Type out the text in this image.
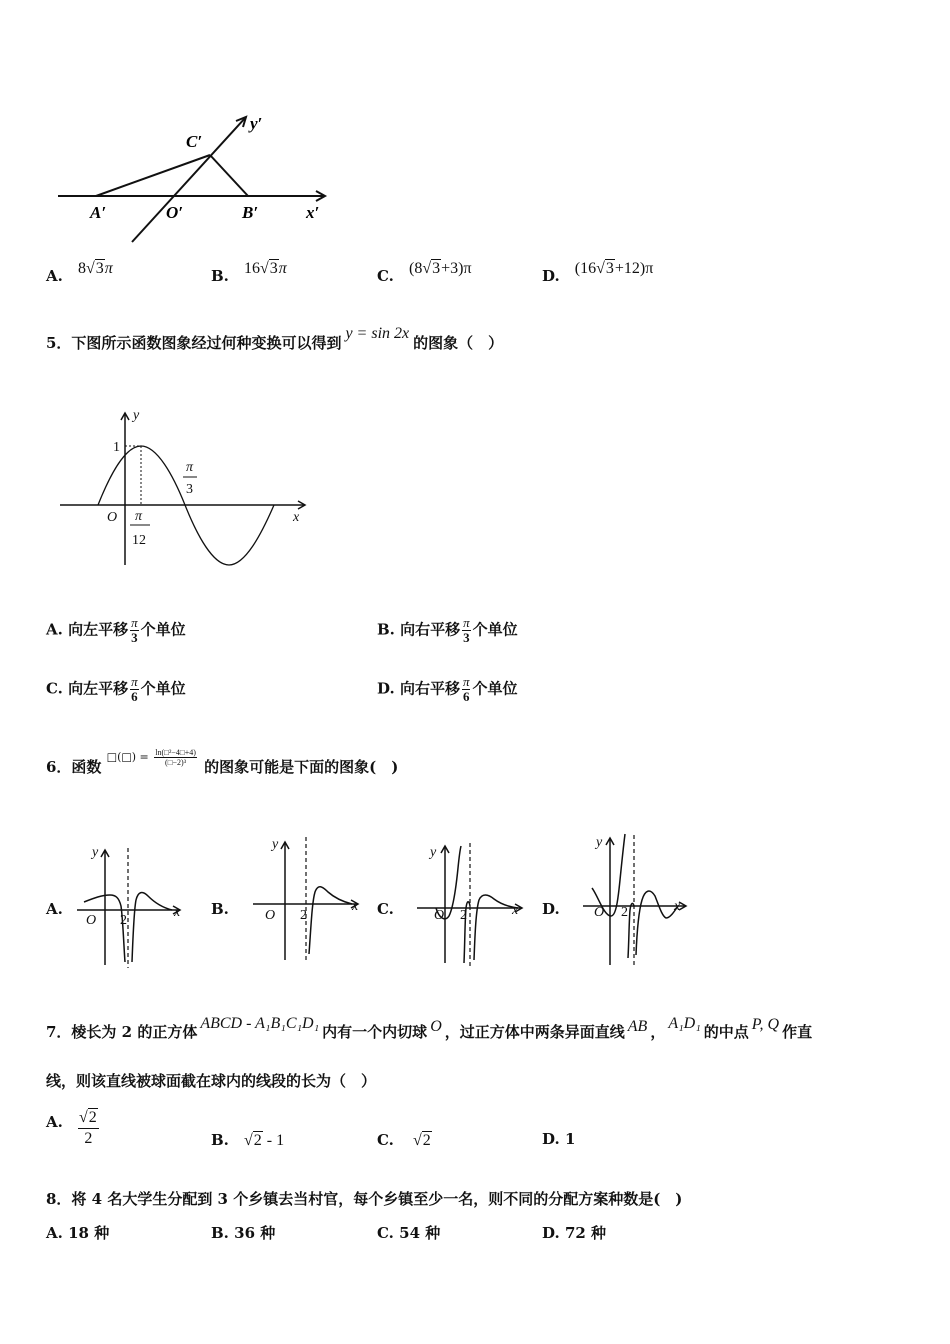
C′
y′
A′	O′	B′	x′
A. 8√3π	B. 16√3π	C. (8√3+3)π	D. (16√3+12)π
5．下图所示函数图象经过何种变换可以得到y = sin 2x的图象（　）
y
1
x
O
π
3
π
12
A. 向左平移 $\frac{\pi}{3}$ 个单位	B. 向右平移 $\frac{\pi}{3}$ 个单位
C. 向左平移 $\frac{\pi}{6}$ 个单位	D. 向右平移 $\frac{\pi}{6}$ 个单位
6．函数 □(□) = $\frac{\text{ln(□²−4□+4)}}{\text{(□−2)³}}$
的图象可能是下面的图象(　)
A.
y
x
O 2
B.
y
x
O 2	C.
y
x
O 2	D.
y
x
O 2
7．棱长为 2 的正方体 ABCD - A₁B₁C₁D₁ 内有一个内切球 O ，过正方体中两条异面直线 AB ， A₁D₁ 的中点 P, Q 作直
线，则该直线被球面截在球内的线段的长为（　）
A. $\frac{√2}{2}$	B. √2 - 1	C. √2	D. 1
8．将 4 名大学生分配到 3 个乡镇去当村官，每个乡镇至少一名，则不同的分配方案种数是(　)
A. 18 种	B. 36 种	C. 54 种	D. 72 种
